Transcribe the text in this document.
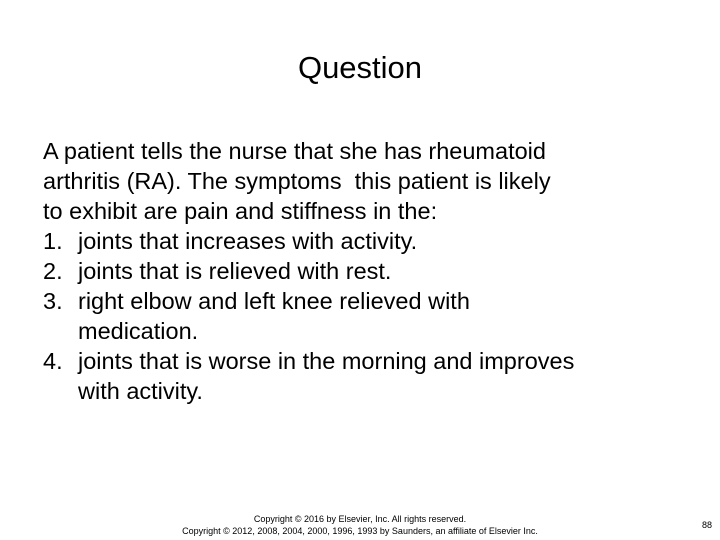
Question

A patient tells the nurse that she has rheumatoid
arthritis (RA). The symptoms  this patient is likely
to exhibit are pain and stiffness in the:

1. joints that increases with activity.
2. joints that is relieved with rest.
3. right elbow and left knee relieved with medication.
4. joints that is worse in the morning and improves with activity.
Copyright © 2016 by Elsevier, Inc. All rights reserved.
Copyright © 2012, 2008, 2004, 2000, 1996, 1993 by Saunders, an affiliate of Elsevier Inc.
88
